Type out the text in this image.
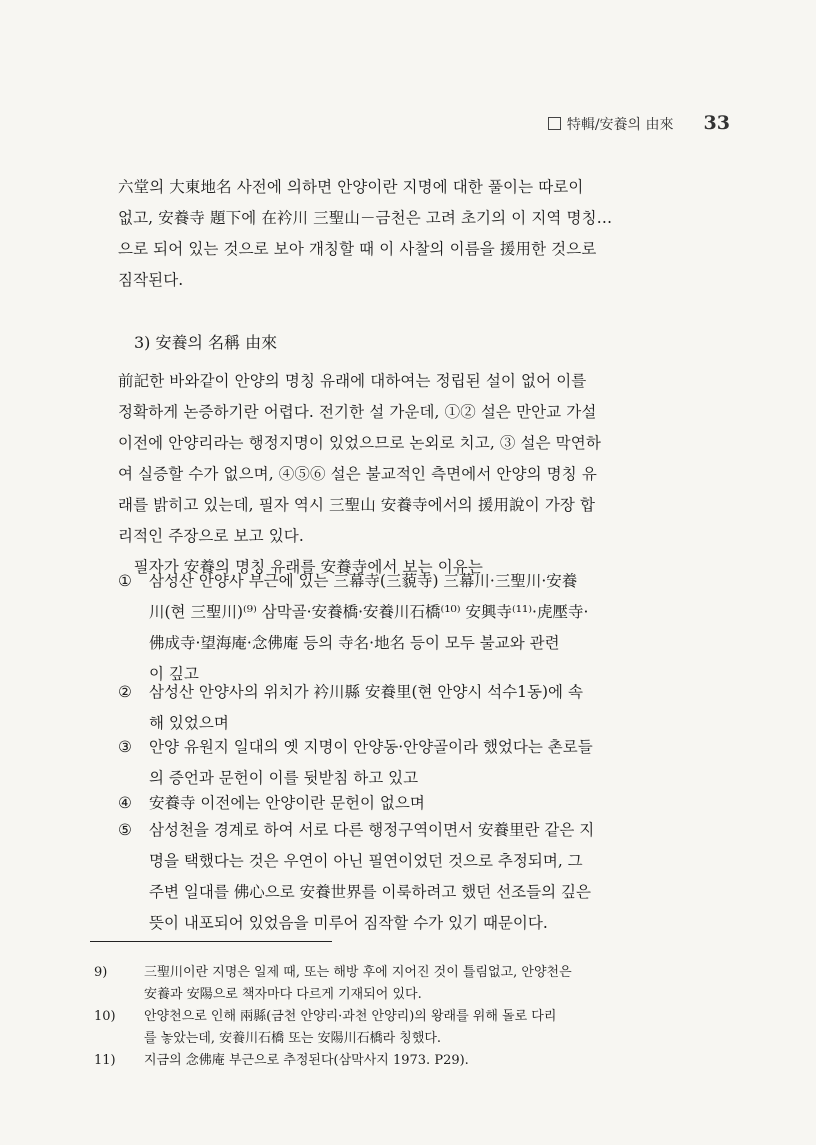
特輯/安養의 由來 33
六堂의 大東地名 사전에 의하면 안양이란 지명에 대한 풀이는 따로이
없고, 安養寺 題下에 在衿川 三聖山－금천은 고려 초기의 이 지역 명칭…
으로 되어 있는 것으로 보아 개칭할 때 이 사찰의 이름을 援用한 것으로
짐작된다.
3) 安養의 名稱 由來
前記한 바와같이 안양의 명칭 유래에 대하여는 정립된 설이 없어 이를
정확하게 논증하기란 어렵다. 전기한 설 가운데, ①② 설은 만안교 가설
이전에 안양리라는 행정지명이 있었으므로 논외로 치고, ③ 설은 막연하
여 실증할 수가 없으며, ④⑤⑥ 설은 불교적인 측면에서 안양의 명칭 유
래를 밝히고 있는데, 필자 역시 三聖山 安養寺에서의 援用說이 가장 합
리적인 주장으로 보고 있다.
　필자가 安養의 명칭 유래를 安養寺에서 보는 이유는
① 삼성산 안양사 부근에 있는 三幕寺(三藐寺) 三幕川·三聖川·安養
川(현 三聖川)⁽⁹⁾ 삼막골·安養橋·安養川石橋⁽¹⁰⁾ 安興寺⁽¹¹⁾·虎壓寺·
佛成寺·望海庵·念佛庵 등의 寺名·地名 등이 모두 불교와 관련
이 깊고
② 삼성산 안양사의 위치가 衿川縣 安養里(현 안양시 석수1동)에 속
해 있었으며
③ 안양 유원지 일대의 옛 지명이 안양동·안양골이라 했었다는 촌로들
의 증언과 문헌이 이를 뒷받침 하고 있고
④ 安養寺 이전에는 안양이란 문헌이 없으며
⑤ 삼성천을 경계로 하여 서로 다른 행정구역이면서 安養里란 같은 지
명을 택했다는 것은 우연이 아닌 필연이었던 것으로 추정되며, 그
주변 일대를 佛心으로 安養世界를 이룩하려고 했던 선조들의 깊은
뜻이 내포되어 있었음을 미루어 짐작할 수가 있기 때문이다.
9)	三聖川이란 지명은 일제 때, 또는 해방 후에 지어진 것이 틀림없고, 안양천은
安養과 安陽으로 책자마다 다르게 기재되어 있다.
10) 안양천으로 인해 兩縣(금천 안양리·과천 안양리)의 왕래를 위해 돌로 다리
를 놓았는데, 安養川石橋 또는 安陽川石橋라 칭했다.
11) 지금의 念佛庵 부근으로 추정된다(삼막사지 1973. P29).
